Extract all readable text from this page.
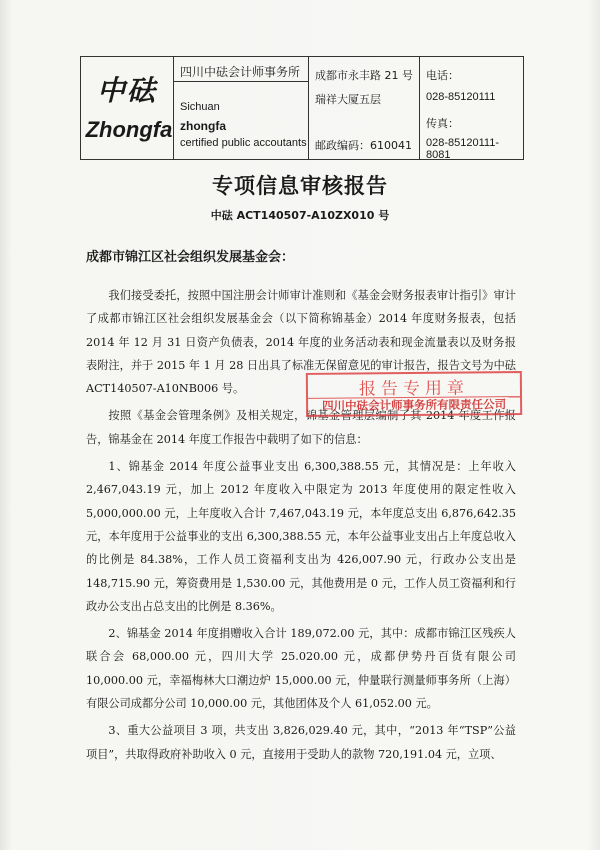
中砝
Zhongfa
四川中砝会计师事务所
Sichuan
zhongfa
certified public accoutants
成都市永丰路 21 号
瑞祥大厦五层
邮政编码：610041
电话：
028-85120111
传真：
028-85120111-8081
专项信息审核报告
中砝 ACT140507-A10ZX010 号
成都市锦江区社会组织发展基金会：

我们接受委托，按照中国注册会计师审计准则和《基金会财务报表审计指引》审计了成都市锦江区社会组织发展基金会（以下简称锦基金）2014 年度财务报表，包括 2014 年 12 月 31 日资产负债表，2014 年度的业务活动表和现金流量表以及财务报表附注，并于 2015 年 1 月 28 日出具了标准无保留意见的审计报告，报告文号为中砝 ACT140507-A10NB006 号。

按照《基金会管理条例》及相关规定，锦基金管理层编制了其 2014 年度工作报告，锦基金在 2014 年度工作报告中载明了如下的信息：

1、锦基金 2014 年度公益事业支出 6,300,388.55 元，其情况是：上年收入 2,467,043.19 元，加上 2012 年度收入中限定为 2013 年度使用的限定性收入 5,000,000.00 元，上年度收入合计 7,467,043.19 元，本年度总支出 6,876,642.35 元，本年度用于公益事业的支出 6,300,388.55 元，本年公益事业支出占上年度总收入的比例是 84.38%，工作人员工资福利支出为 426,007.90 元，行政办公支出是 148,715.90 元，筹资费用是 1,530.00 元，其他费用是 0 元，工作人员工资福利和行政办公支出占总支出的比例是 8.36%。

2、锦基金 2014 年度捐赠收入合计 189,072.00 元，其中：成都市锦江区残疾人联合会 68,000.00 元，四川大学 25.020.00 元，成都伊势丹百货有限公司 10,000.00 元，幸福梅林大口潮边炉 15,000.00 元，仲量联行测量师事务所（上海）有限公司成都分公司 10,000.00 元，其他团体及个人 61,052.00 元。

3、重大公益项目 3 项，共支出 3,826,029.40 元，其中，“2013 年“TSP”公益项目”，共取得政府补助收入 0 元，直接用于受助人的款物 720,191.04 元，立项、

报告专用章
四川中砝会计师事务所有限责任公司
